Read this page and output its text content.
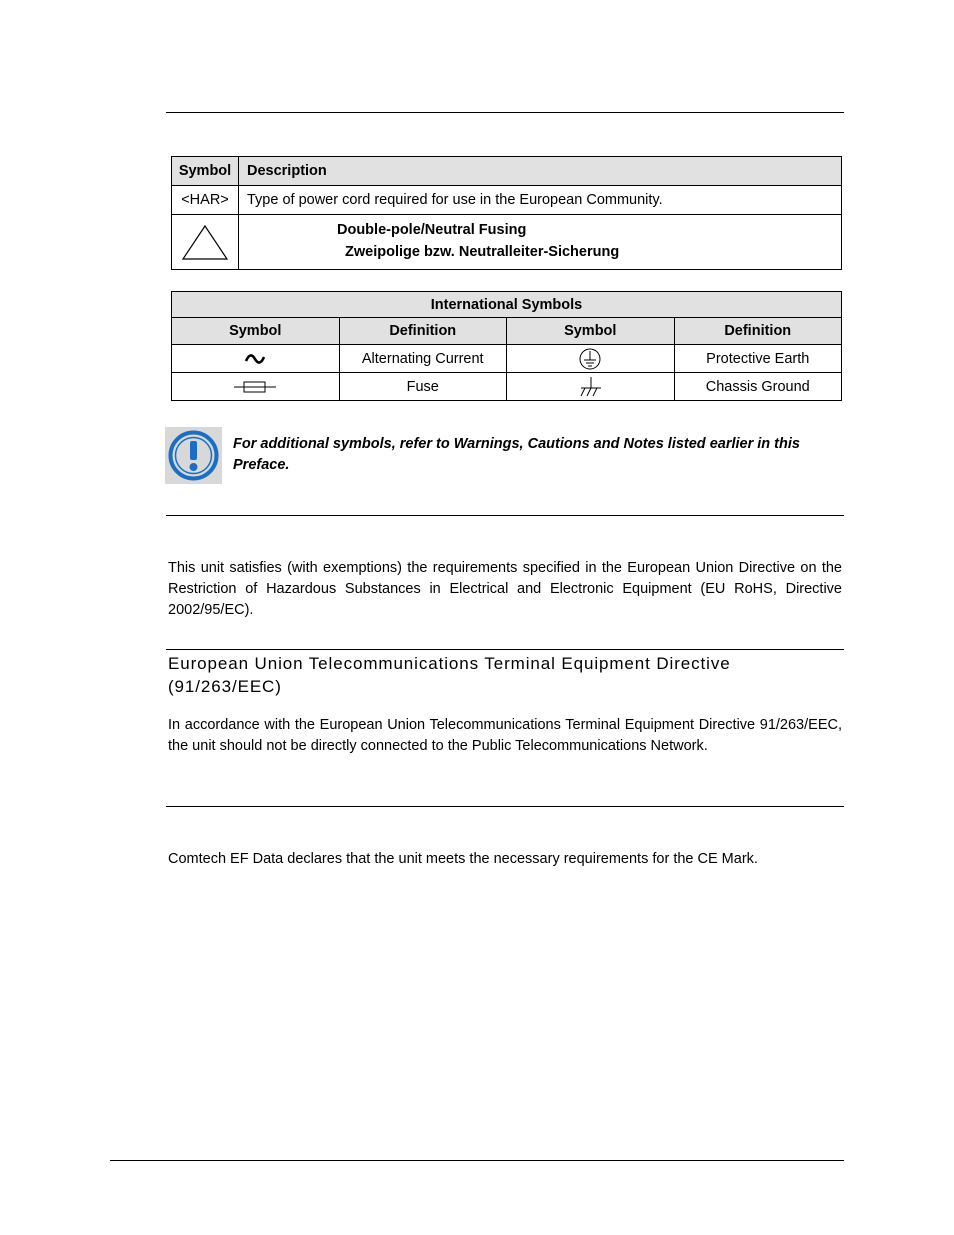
Symbol	Description
<HAR>	Type of power cord required for use in the European Community.

Double-pole/Neutral Fusing
Zweipolige bzw. Neutralleiter-Sicherung
International Symbols			
Symbol	Definition	Symbol	Definition

	Alternating Current		Protective Earth

	Fuse		Chassis Ground
For additional symbols, refer to Warnings, Cautions and Notes listed earlier in this Preface.
This unit satisfies (with exemptions) the requirements specified in the European Union Directive on the Restriction of Hazardous Substances in Electrical and Electronic Equipment (EU RoHS, Directive 2002/95/EC).
European Union Telecommunications Terminal Equipment Directive (91/263/EEC)
In accordance with the European Union Telecommunications Terminal Equipment Directive 91/263/EEC, the unit should not be directly connected to the Public Telecommunications Network.
Comtech EF Data declares that the unit meets the necessary requirements for the CE Mark.
